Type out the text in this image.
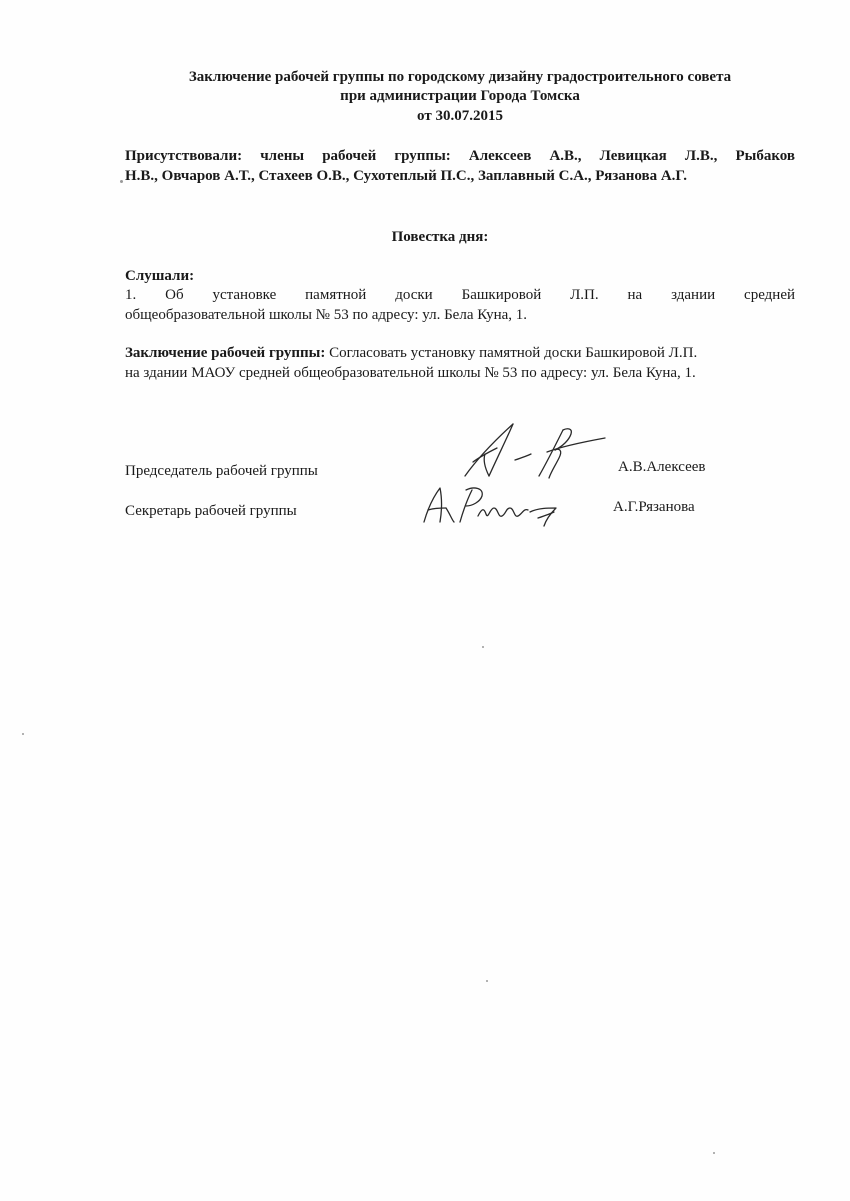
Заключение рабочей группы по городскому дизайну градостроительного совета
при администрации Города Томска
от 30.07.2015
Присутствовали: члены рабочей группы: Алексеев А.В., Левицкая Л.В., Рыбаков
Н.В., Овчаров А.Т., Стахеев О.В., Сухотеплый П.С., Заплавный С.А., Рязанова А.Г.
Повестка дня:
Слушали:
1. Об установке памятной доски Башкировой Л.П. на здании средней
общеобразовательной школы № 53 по адресу: ул. Бела Куна, 1.
Заключение рабочей группы: Согласовать установку памятной доски Башкировой Л.П.
на здании МАОУ средней общеобразовательной школы № 53 по адресу: ул. Бела Куна, 1.
Председатель рабочей группы	А.В.Алексеев
Секретарь рабочей группы	А.Г.Рязанова
